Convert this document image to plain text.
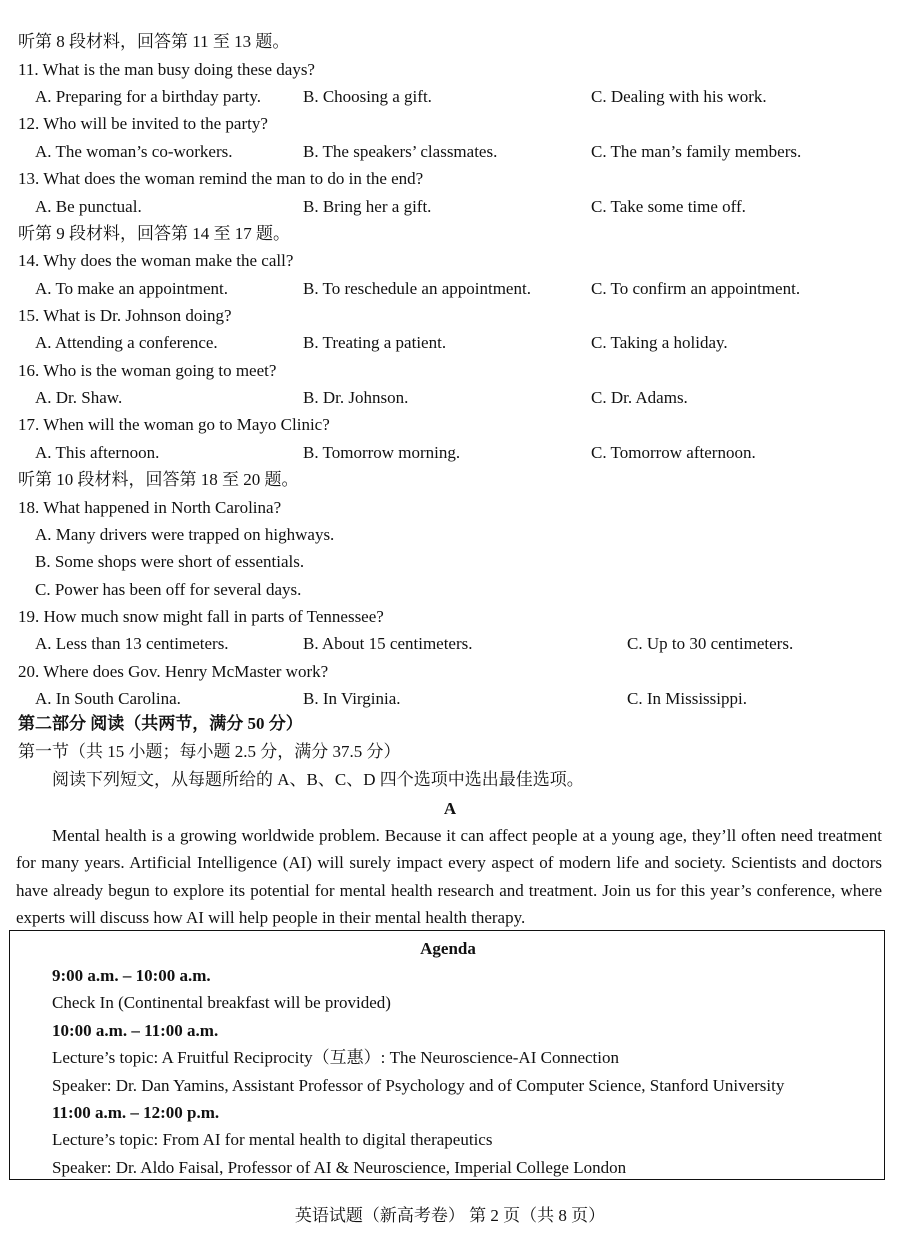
听第 8 段材料，回答第 11 至 13 题。
11. What is the man busy doing these days?
A. Preparing for a birthday party. B. Choosing a gift.	C. Dealing with his work.
12. Who will be invited to the party?
A. The woman’s co-workers.	B. The speakers’ classmates.	C. The man’s family members.
13. What does the woman remind the man to do in the end?
A. Be punctual.	B. Bring her a gift.	C. Take some time off.
听第 9 段材料，回答第 14 至 17 题。
14. Why does the woman make the call?
A. To make an appointment.	B. To reschedule an appointment.	C. To confirm an appointment.
15. What is Dr. Johnson doing?
A. Attending a conference.	B. Treating a patient.	C. Taking a holiday.
16. Who is the woman going to meet?
A. Dr. Shaw.	B. Dr. Johnson.	C. Dr. Adams.
17. When will the woman go to Mayo Clinic?
A. This afternoon.	B. Tomorrow morning.	C. Tomorrow afternoon.
听第 10 段材料，回答第 18 至 20 题。
18. What happened in North Carolina?
A. Many drivers were trapped on highways.
B. Some shops were short of essentials.
C. Power has been off for several days.
19. How much snow might fall in parts of Tennessee?
A. Less than 13 centimeters.	B. About 15 centimeters.	C. Up to 30 centimeters.
20. Where does Gov. Henry McMaster work?
A. In South Carolina.	B. In Virginia.	C. In Mississippi.
第二部分 阅读（共两节，满分 50 分）
第一节（共 15 小题；每小题 2.5 分，满分 37.5 分）
阅读下列短文，从每题所给的 A、B、C、D 四个选项中选出最佳选项。
A
Mental health is a growing worldwide problem. Because it can affect people at a young age, they’ll often need treatment for many years. Artificial Intelligence (AI) will surely impact every aspect of modern life and society. Scientists and doctors have already begun to explore its potential for mental health research and treatment. Join us for this year’s conference, where experts will discuss how AI will help people in their mental health therapy.
Agenda
9:00 a.m. – 10:00 a.m.
Check In (Continental breakfast will be provided)
10:00 a.m. – 11:00 a.m.
Lecture’s topic: A Fruitful Reciprocity（互惠）: The Neuroscience-AI Connection
Speaker: Dr. Dan Yamins, Assistant Professor of Psychology and of Computer Science, Stanford University
11:00 a.m. – 12:00 p.m.
Lecture’s topic: From AI for mental health to digital therapeutics
Speaker: Dr. Aldo Faisal, Professor of AI & Neuroscience, Imperial College London
英语试题（新高考卷） 第 2 页（共 8 页）
